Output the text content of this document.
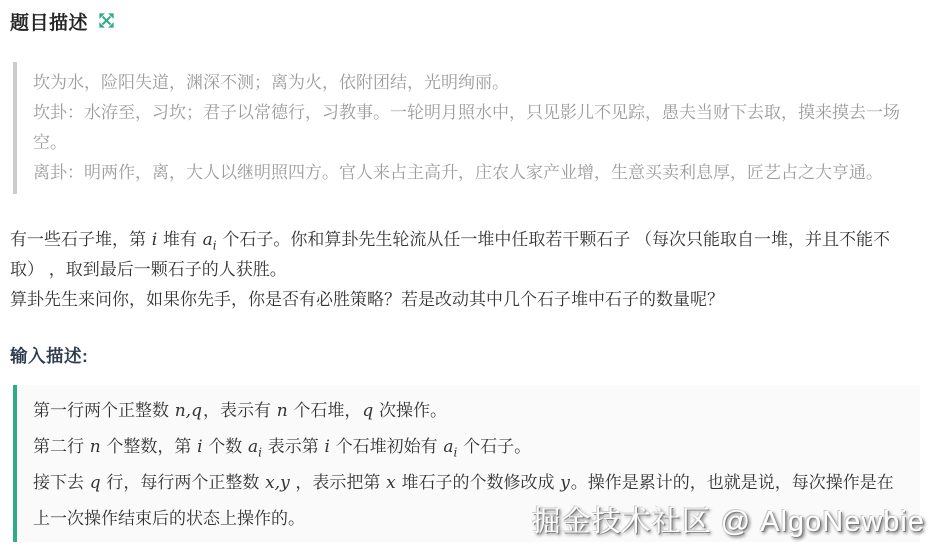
题目描述

坎为水，险阳失道，渊深不测；离为火，依附团结，光明绚丽。

坎卦：水洊至，习坎；君子以常德行，习教事。一轮明月照水中，只见影儿不见踪，愚夫当财下去取，摸来摸去一场空。

离卦：明两作，离，大人以继明照四方。官人来占主高升，庄农人家产业增，生意买卖利息厚，匠艺占之大亨通。

有一些石子堆，第 i 堆有 $a_i$ 个石子。你和算卦先生轮流从任一堆中任取若干颗石子 （每次只能取自一堆，并且不能不取） ，取到最后一颗石子的人获胜。

算卦先生来问你，如果你先手，你是否有必胜策略？若是改动其中几个石子堆中石子的数量呢？

输入描述:

第一行两个正整数 n,q，表示有 n 个石堆，q 次操作。

第二行 n 个整数，第 i 个数 $a_i$ 表示第 i 个石堆初始有 $a_i$ 个石子。

接下去 q 行，每行两个正整数 x,y ，表示把第 x 堆石子的个数修改成 y。操作是累计的，也就是说，每次操作是在上一次操作结束后的状态上操作的。	掘金技术社区 @ AlgoNewbie
